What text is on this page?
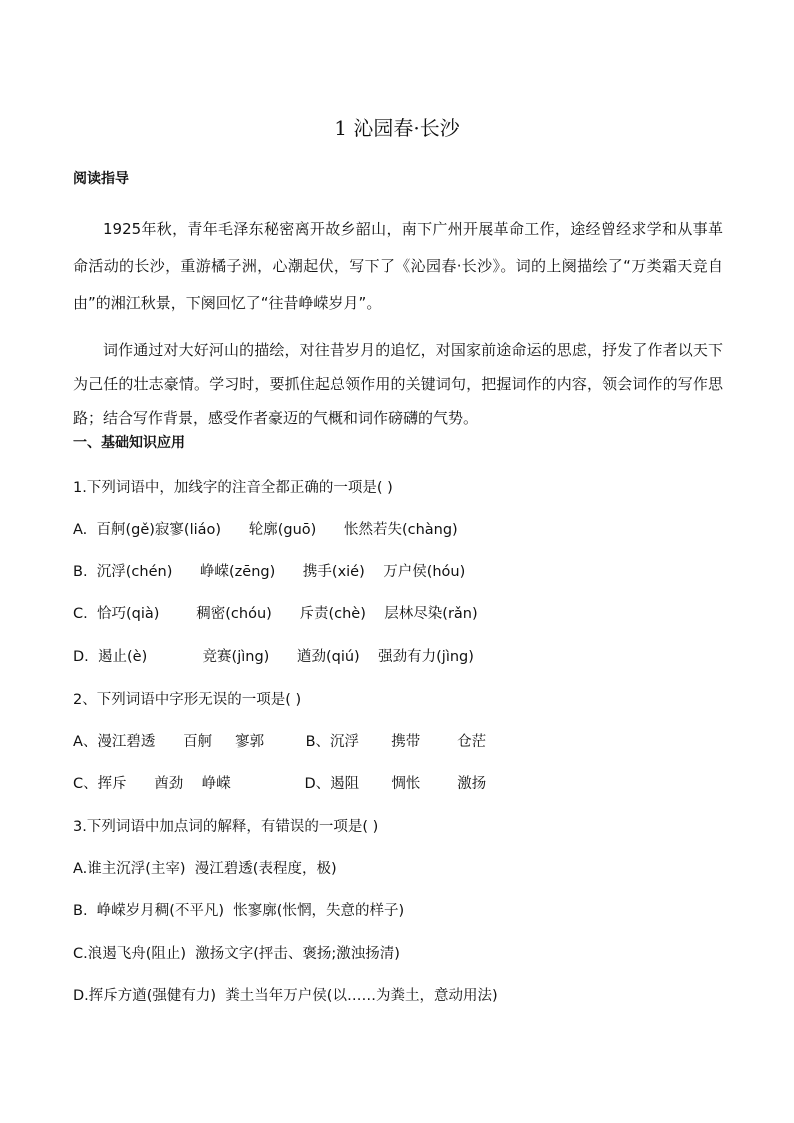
1 沁园春·长沙
阅读指导

1925年秋，青年毛泽东秘密离开故乡韶山，南下广州开展革命工作，途经曾经求学和从事革命活动的长沙，重游橘子洲，心潮起伏，写下了《沁园春·长沙》。词的上阕描绘了“万类霜天竞自由”的湘江秋景，下阕回忆了“往昔峥嵘岁月”。

词作通过对大好河山的描绘，对往昔岁月的追忆，对国家前途命运的思虑，抒发了作者以天下为己任的壮志豪情。学习时，要抓住起总领作用的关键词句，把握词作的内容，领会词作的写作思路；结合写作背景，感受作者豪迈的气概和词作磅礴的气势。

一、基础知识应用

1.下列词语中，加线字的注音全都正确的一项是( )

A.  百舸(gě)寂寥(liáo)      轮廓(guō)      怅然若失(chàng)

B.  沉浮(chén)      峥嵘(zēng)      携手(xié)    万户侯(hóu)

C.  恰巧(qià)        稠密(chóu)      斥责(chè)    层林尽染(rǎn)

D.  遏止(è)            竞赛(jìng)      遒劲(qiú)    强劲有力(jìng)

2、下列词语中字形无误的一项是( )

A、漫江碧透      百舸     寥郭         B、沉浮       携带        仓茫

C、挥斥      酋劲    峥嵘                D、遏阻       惆怅        激扬

3.下列词语中加点词的解释，有错误的一项是( )

A.谁主沉浮(主宰)  漫江碧透(表程度，极)

B.  峥嵘岁月稠(不平凡)  怅寥廓(怅惘，失意的样子)

C.浪遏飞舟(阻止)  激扬文字(抨击、褒扬;激浊扬清)

D.挥斥方遒(强健有力)  粪土当年万户侯(以……为粪土，意动用法)
